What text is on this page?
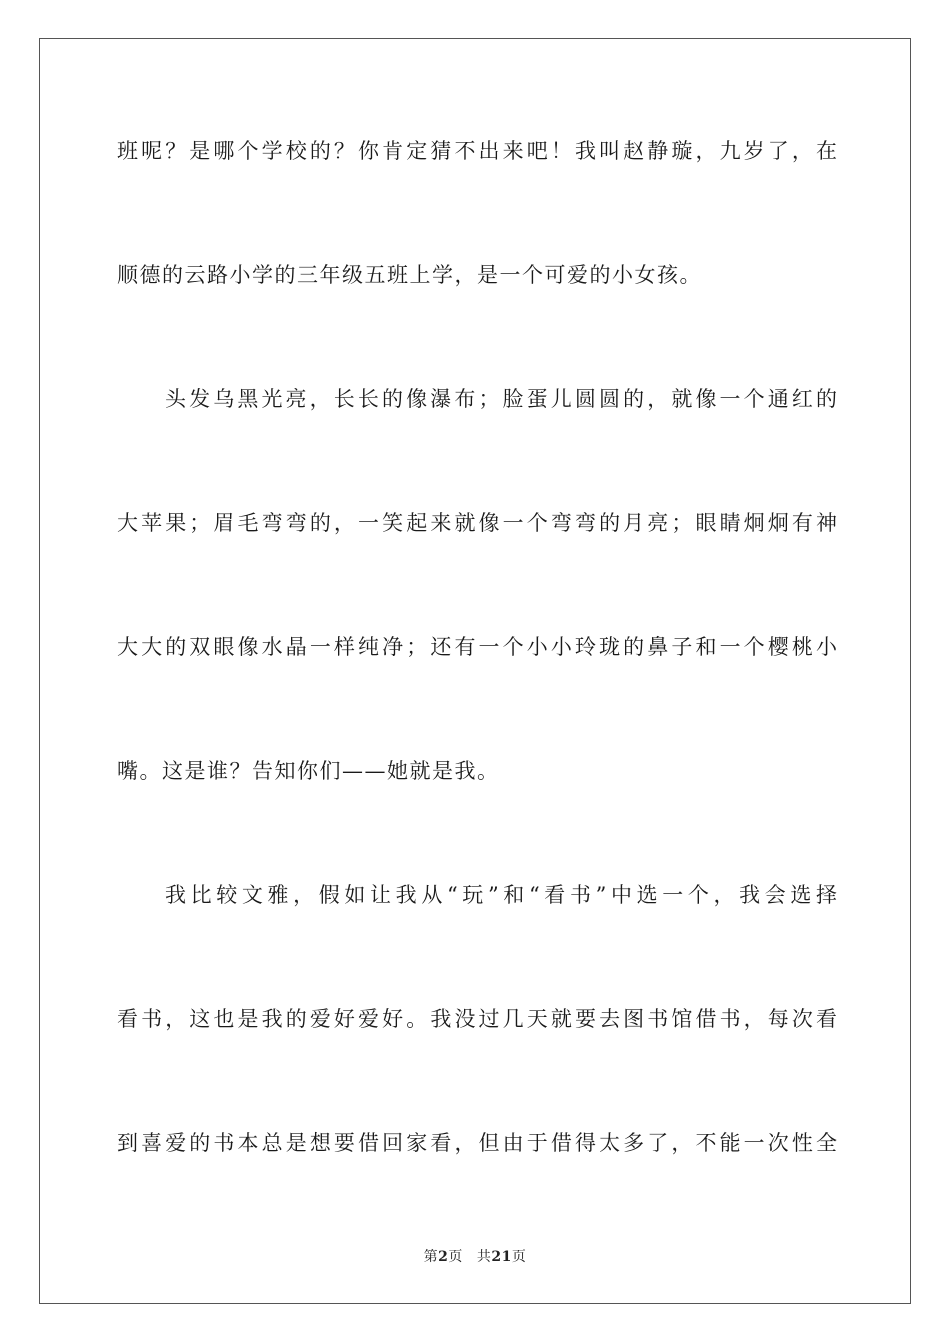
班呢？是哪个学校的？你肯定猜不出来吧！我叫赵静璇，九岁了，在
顺德的云路小学的三年级五班上学，是一个可爱的小女孩。
头发乌黑光亮，长长的像瀑布；脸蛋儿圆圆的，就像一个通红的
大苹果；眉毛弯弯的，一笑起来就像一个弯弯的月亮；眼睛炯炯有神
大大的双眼像水晶一样纯净；还有一个小小玲珑的鼻子和一个樱桃小
嘴。这是谁？告知你们——她就是我。
我比较文雅，假如让我从“玩”和“看书”中选一个，我会选择
看书，这也是我的爱好爱好。我没过几天就要去图书馆借书，每次看
到喜爱的书本总是想要借回家看，但由于借得太多了，不能一次性全
第2页 共21页
